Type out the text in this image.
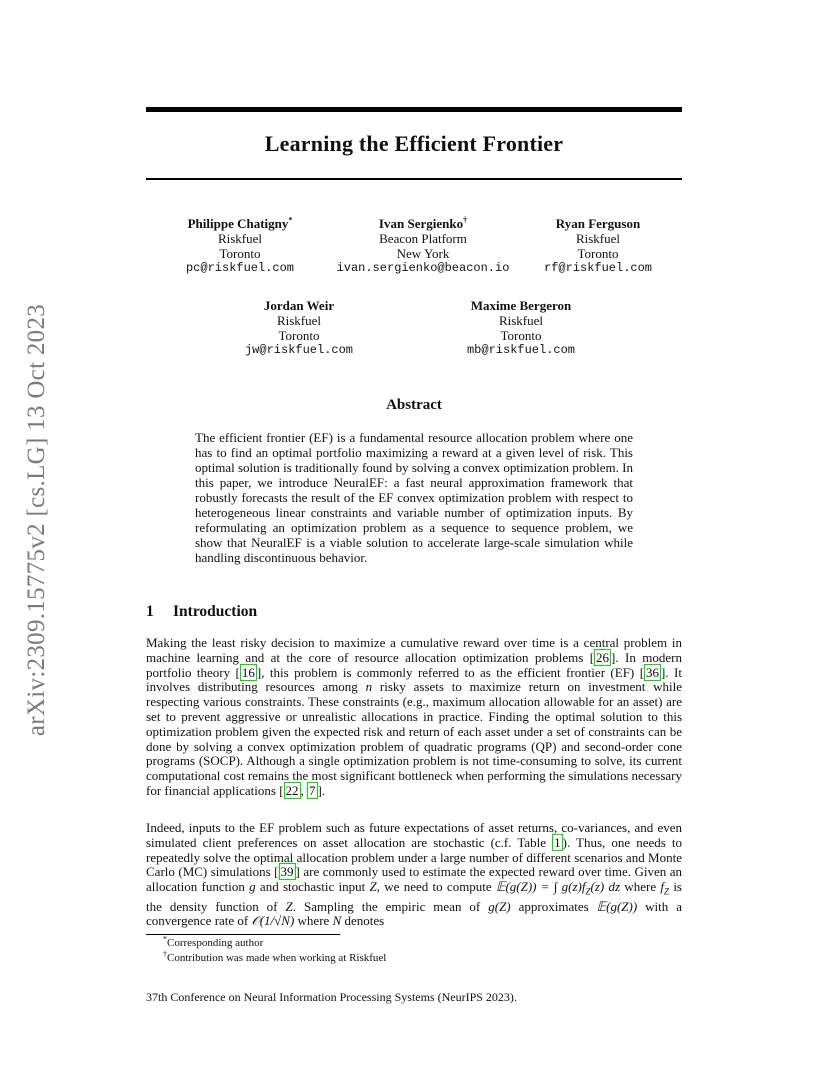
arXiv:2309.15775v2 [cs.LG] 13 Oct 2023
Learning the Efficient Frontier
Philippe Chatigny*
Riskfuel
Toronto
pc@riskfuel.com
Ivan Sergienko†
Beacon Platform
New York
ivan.sergienko@beacon.io
Ryan Ferguson
Riskfuel
Toronto
rf@riskfuel.com
Jordan Weir
Riskfuel
Toronto
jw@riskfuel.com
Maxime Bergeron
Riskfuel
Toronto
mb@riskfuel.com
Abstract
The efficient frontier (EF) is a fundamental resource allocation problem where one has to find an optimal portfolio maximizing a reward at a given level of risk. This optimal solution is traditionally found by solving a convex optimization problem. In this paper, we introduce NeuralEF: a fast neural approximation framework that robustly forecasts the result of the EF convex optimization problem with respect to heterogeneous linear constraints and variable number of optimization inputs. By reformulating an optimization problem as a sequence to sequence problem, we show that NeuralEF is a viable solution to accelerate large-scale simulation while handling discontinuous behavior.
1 Introduction
Making the least risky decision to maximize a cumulative reward over time is a central problem in machine learning and at the core of resource allocation optimization problems [ 26 ]. In modern portfolio theory [ 16 ], this problem is commonly referred to as the efficient frontier (EF) [ 36 ]. It involves distributing resources among n risky assets to maximize return on investment while respecting various constraints. These constraints (e.g., maximum allocation allowable for an asset) are set to prevent aggressive or unrealistic allocations in practice. Finding the optimal solution to this optimization problem given the expected risk and return of each asset under a set of constraints can be done by solving a convex optimization problem of quadratic programs (QP) and second-order cone programs (SOCP). Although a single optimization problem is not time-consuming to solve, its current computational cost remains the most significant bottleneck when performing the simulations necessary for financial applications [ 22 , 7 ].
Indeed, inputs to the EF problem such as future expectations of asset returns, co-variances, and even simulated client preferences on asset allocation are stochastic (c.f. Table 1 ). Thus, one needs to repeatedly solve the optimal allocation problem under a large number of different scenarios and Monte Carlo (MC) simulations [ 39 ] are commonly used to estimate the expected reward over time. Given an allocation function g and stochastic input Z, we need to compute 𝔼(g(Z)) = ∫ $g(z)f_Z(z)$ dz where $f_Z$ is the density function of Z. Sampling the empiric mean of g(Z) approximates 𝔼(g(Z)) with a convergence rate of 𝒪(1/√N) where N denotes
*Corresponding author
†Contribution was made when working at Riskfuel
37th Conference on Neural Information Processing Systems (NeurIPS 2023).
